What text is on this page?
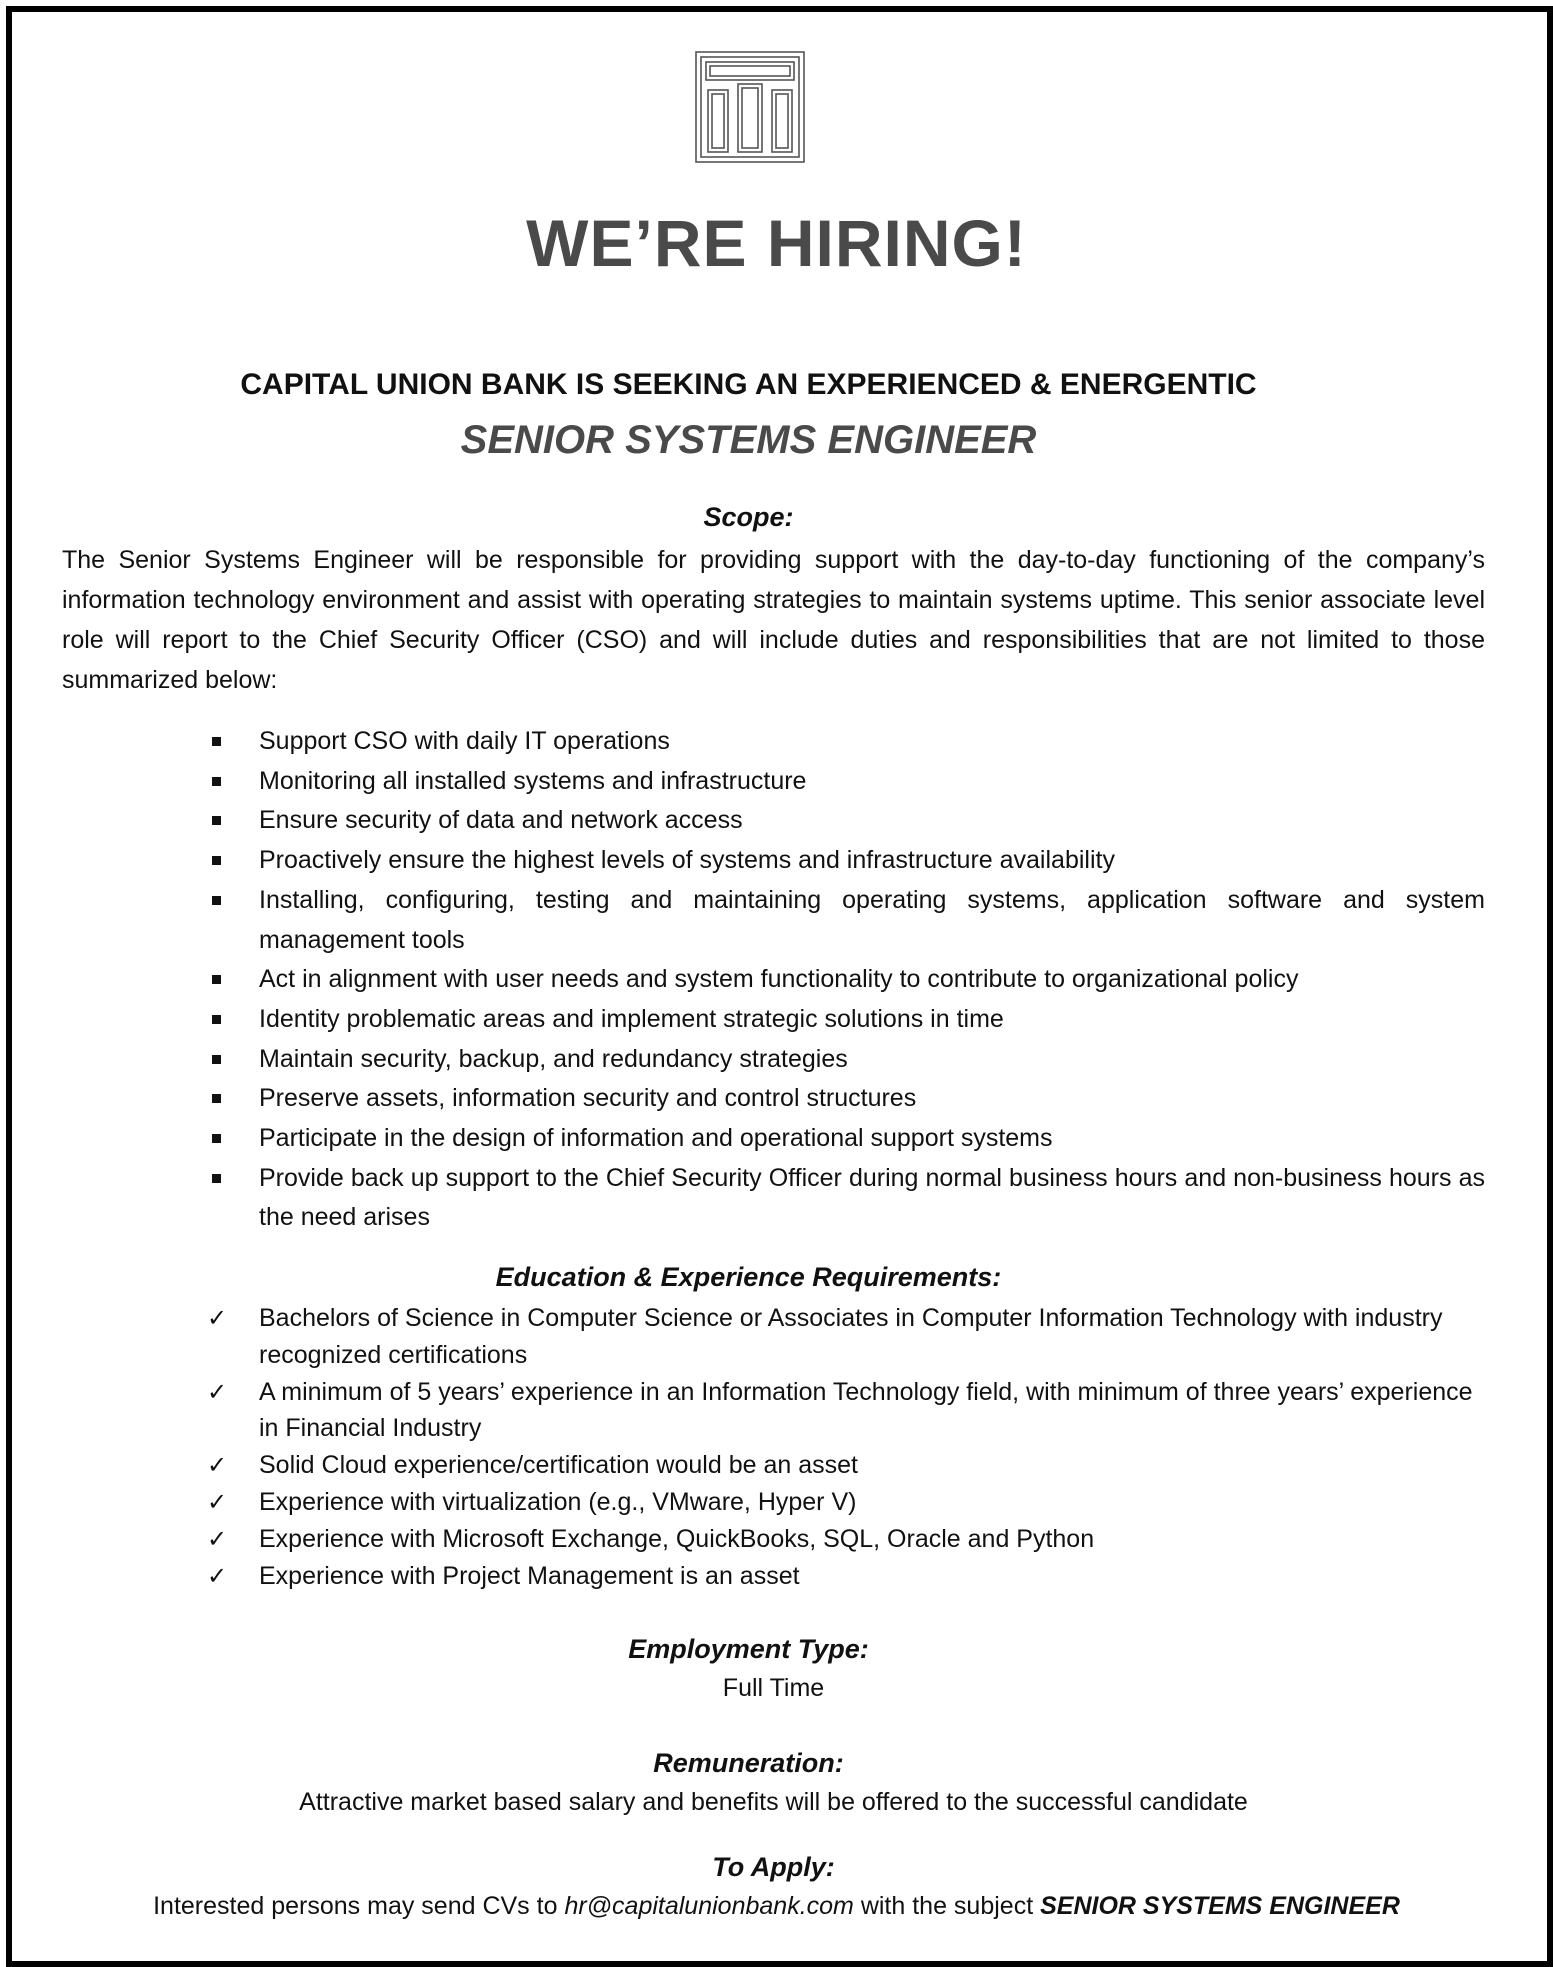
WE’RE HIRING!
CAPITAL UNION BANK IS SEEKING AN EXPERIENCED & ENERGENTIC
SENIOR SYSTEMS ENGINEER
Scope:
The Senior Systems Engineer will be responsible for providing support with the day-to-day functioning of the company’s information technology environment and assist with operating strategies to maintain systems uptime. This senior associate level role will report to the Chief Security Officer (CSO) and will include duties and responsibilities that are not limited to those summarized below:
Support CSO with daily IT operations
Monitoring all installed systems and infrastructure
Ensure security of data and network access
Proactively ensure the highest levels of systems and infrastructure availability
Installing, configuring, testing and maintaining operating systems, application software and system management tools
Act in alignment with user needs and system functionality to contribute to organizational policy
Identity problematic areas and implement strategic solutions in time
Maintain security, backup, and redundancy strategies
Preserve assets, information security and control structures
Participate in the design of information and operational support systems
Provide back up support to the Chief Security Officer during normal business hours and non-business hours as the need arises
Education & Experience Requirements:
✓ Bachelors of Science in Computer Science or Associates in Computer Information Technology with industry recognized certifications
✓ A minimum of 5 years’ experience in an Information Technology field, with minimum of three years’ experience in Financial Industry
✓ Solid Cloud experience/certification would be an asset
✓ Experience with virtualization (e.g., VMware, Hyper V)
✓ Experience with Microsoft Exchange, QuickBooks, SQL, Oracle and Python
✓ Experience with Project Management is an asset
Employment Type:
Full Time
Remuneration:
Attractive market based salary and benefits will be offered to the successful candidate
To Apply:
Interested persons may send CVs to hr@capitalunionbank.com with the subject SENIOR SYSTEMS ENGINEER
